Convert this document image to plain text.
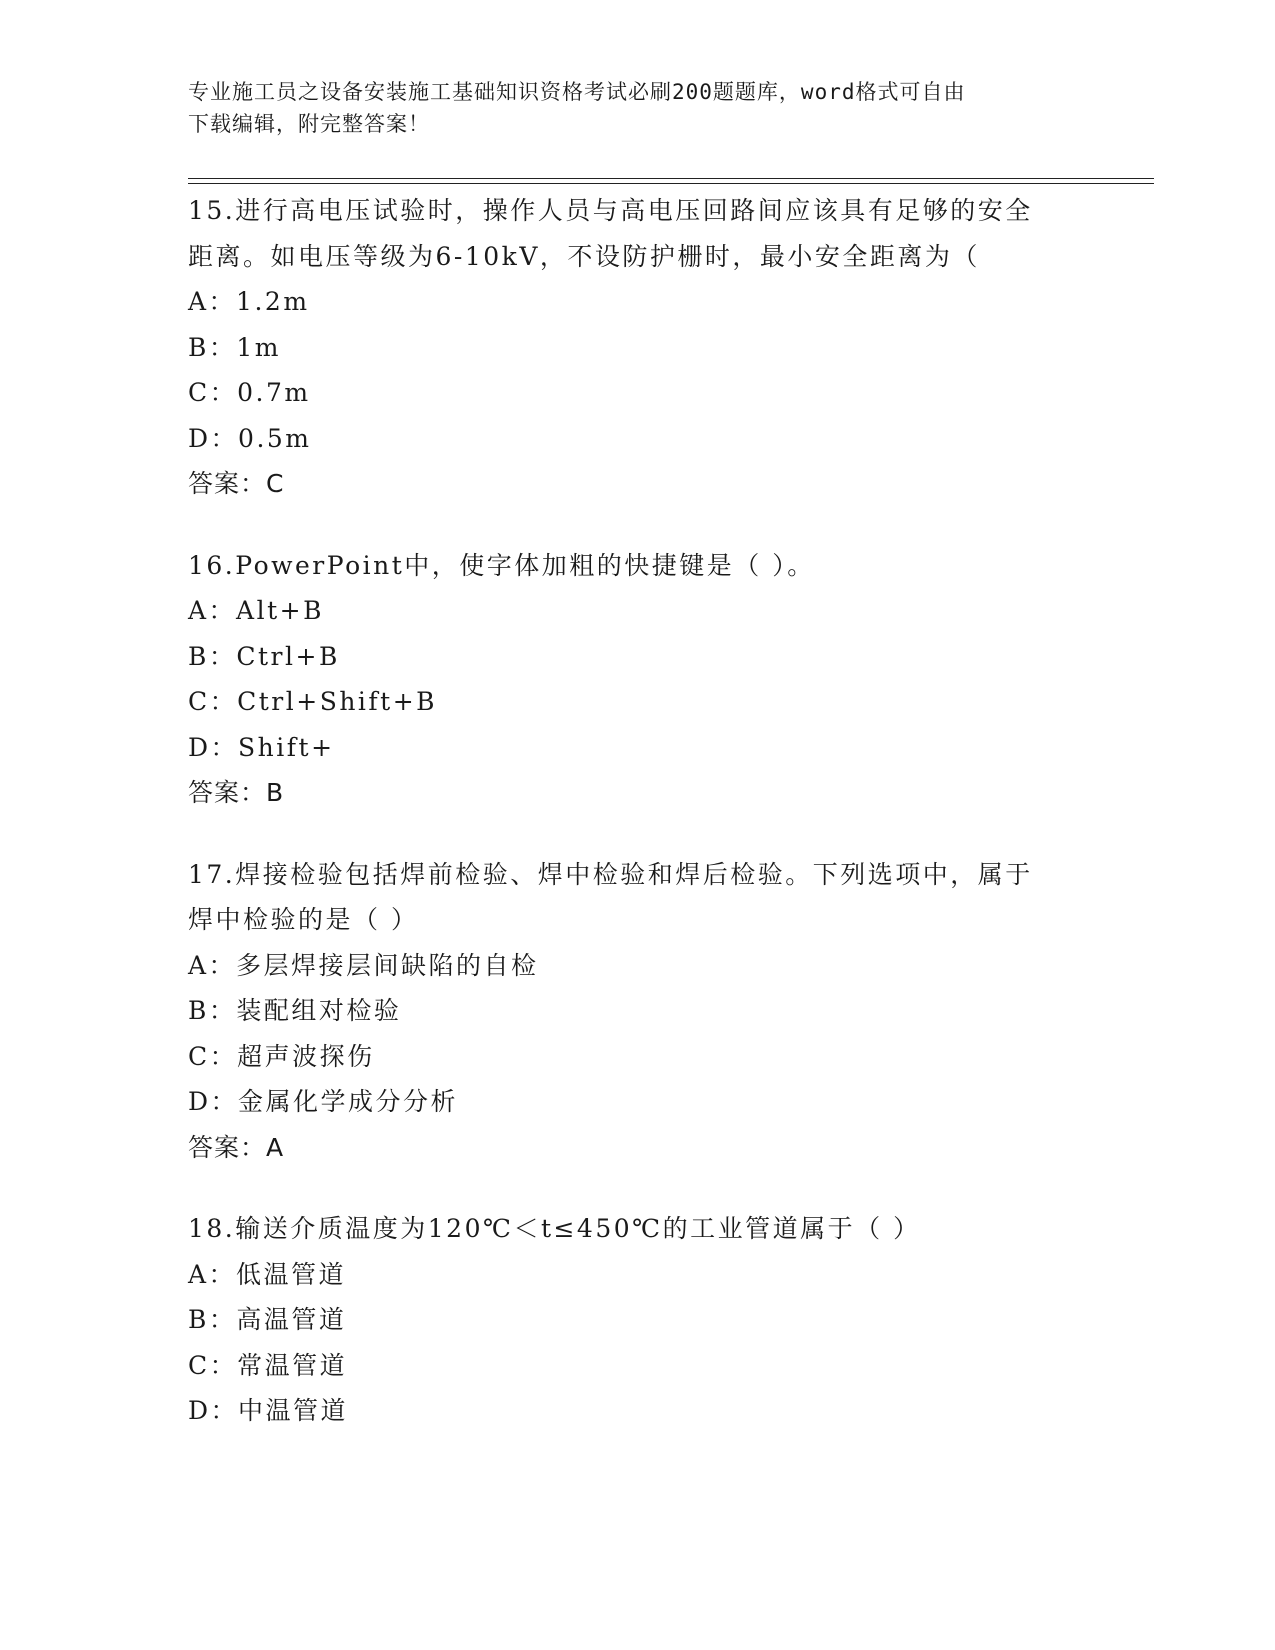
专业施工员之设备安装施工基础知识资格考试必刷200题题库，word格式可自由
下载编辑，附完整答案！
15.进行高电压试验时，操作人员与高电压回路间应该具有足够的安全
距离。如电压等级为6-10kV，不设防护栅时，最小安全距离为（
A：1.2m
B：1m
C：0.7m
D：0.5m
答案：C
16.PowerPoint中，使字体加粗的快捷键是（ ）。
A：Alt+B
B：Ctrl+B
C：Ctrl+Shift+B
D：Shift+
答案：B
17.焊接检验包括焊前检验、焊中检验和焊后检验。下列选项中，属于
焊中检验的是（ ）
A：多层焊接层间缺陷的自检
B：装配组对检验
C：超声波探伤
D：金属化学成分分析
答案：A
18.输送介质温度为120℃＜t≤450℃的工业管道属于（ ）
A：低温管道
B：高温管道
C：常温管道
D：中温管道
